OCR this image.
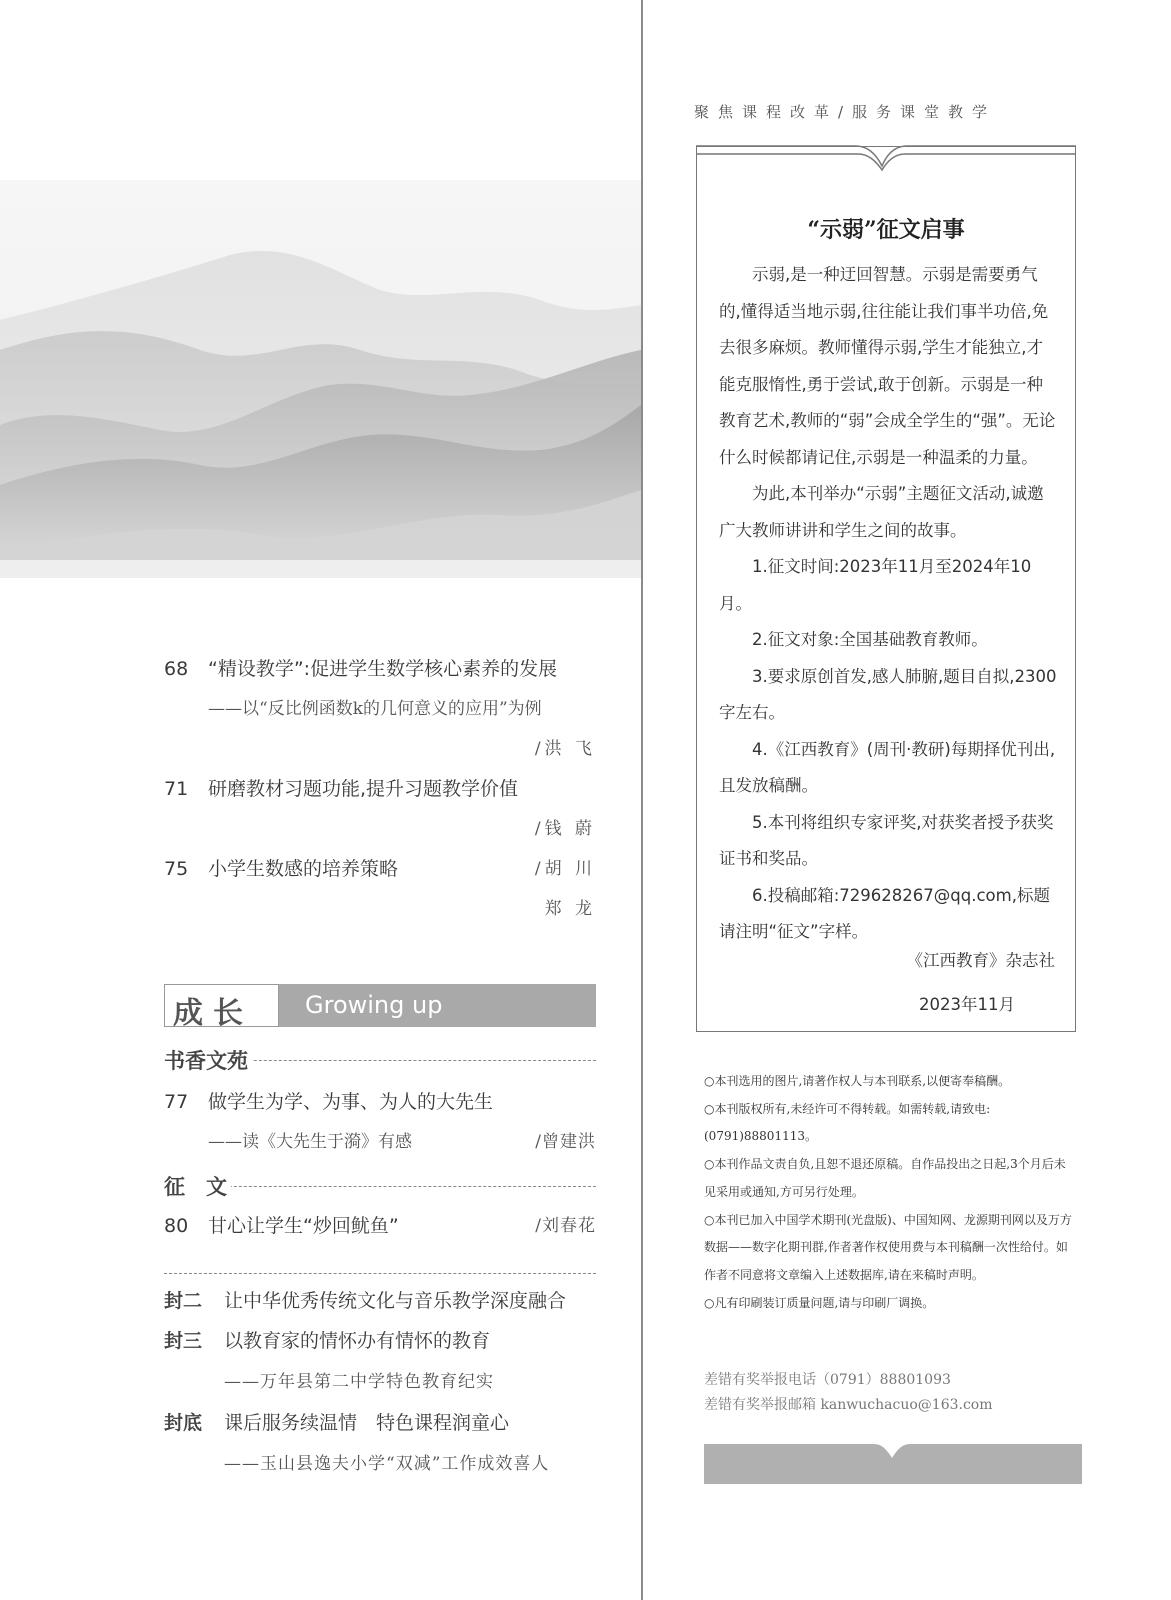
68	“精设教学”:促进学生数学核心素养的发展
——以“反比例函数k的几何意义的应用”为例
/洪 飞
71	研磨教材习题功能,提升习题教学价值
/钱 蔚
75	小学生数感的培养策略	/胡 川
郑 龙
成长 Growing up
书香文苑
77	做学生为学、为事、为人的大先生
——读《大先生于漪》有感	/曾建洪
征　文
80	甘心让学生“炒回鱿鱼”	/刘春花
封二 让中华优秀传统文化与音乐教学深度融合
封三 以教育家的情怀办有情怀的教育
——万年县第二中学特色教育纪实
封底 课后服务续温情　特色课程润童心
——玉山县逸夫小学“双减”工作成效喜人
聚焦课程改革/服务课堂教学
“示弱”征文启事

示弱,是一种迂回智慧。示弱是需要勇气的,懂得适当地示弱,往往能让我们事半功倍,免去很多麻烦。教师懂得示弱,学生才能独立,才能克服惰性,勇于尝试,敢于创新。示弱是一种教育艺术,教师的“弱”会成全学生的“强”。无论什么时候都请记住,示弱是一种温柔的力量。

为此,本刊举办“示弱”主题征文活动,诚邀广大教师讲讲和学生之间的故事。

1.征文时间:2023年11月至2024年10月。

2.征文对象:全国基础教育教师。

3.要求原创首发,感人肺腑,题目自拟,2300字左右。

4.《江西教育》(周刊·教研)每期择优刊出,且发放稿酬。

5.本刊将组织专家评奖,对获奖者授予获奖证书和奖品。

6.投稿邮箱:729628267@qq.com,标题请注明“征文”字样。

《江西教育》杂志社
2023年11月
○本刊选用的图片,请著作权人与本刊联系,以便寄奉稿酬。
○本刊版权所有,未经许可不得转载。如需转载,请致电:(0791)88801113。
○本刊作品文责自负,且恕不退还原稿。自作品投出之日起,3个月后未见采用或通知,方可另行处理。
○本刊已加入中国学术期刊(光盘版)、中国知网、龙源期刊网以及万方数据——数字化期刊群,作者著作权使用费与本刊稿酬一次性给付。如作者不同意将文章编入上述数据库,请在来稿时声明。
○凡有印刷装订质量问题,请与印刷厂调换。
差错有奖举报电话（0791）88801093
差错有奖举报邮箱 kanwuchacuo@163.com
